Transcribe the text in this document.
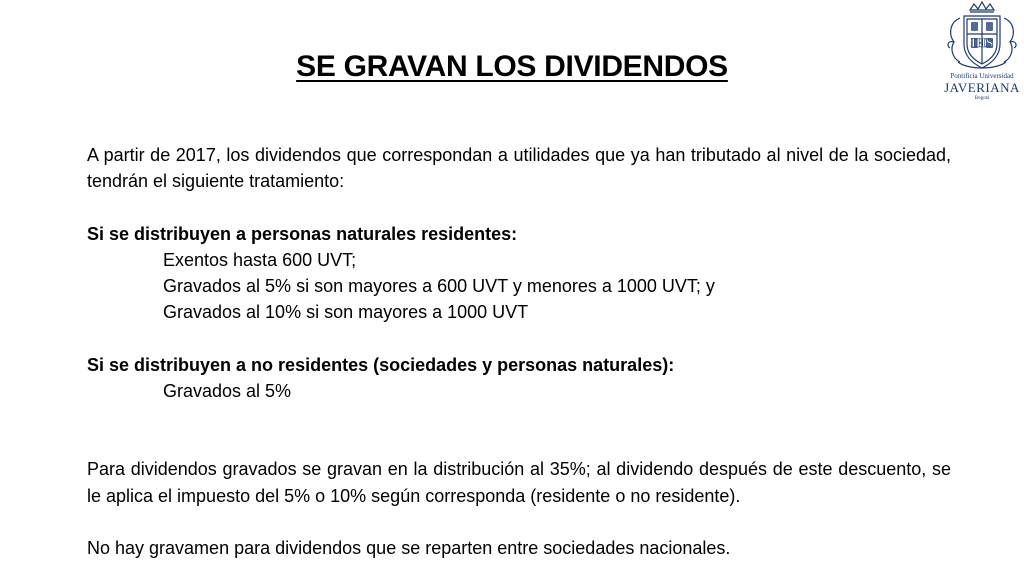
IHS
Pontificia Universidad
JAVERIANA
Bogotá
SE GRAVAN LOS DIVIDENDOS

A partir de 2017, los dividendos que correspondan a utilidades que ya han tributado al nivel de la sociedad, tendrán el siguiente tratamiento:

Si se distribuyen a personas naturales residentes:

Exentos hasta 600 UVT;

Gravados al 5% si son mayores a 600 UVT y menores a 1000 UVT; y

Gravados al 10% si son mayores a 1000 UVT

Si se distribuyen a no residentes (sociedades y personas naturales):

Gravados al 5%

Para dividendos gravados se gravan en la distribución al 35%; al dividendo después de este descuento, se le aplica el impuesto del 5% o 10% según corresponda (residente o no residente).

No hay gravamen para dividendos que se reparten entre sociedades nacionales.
